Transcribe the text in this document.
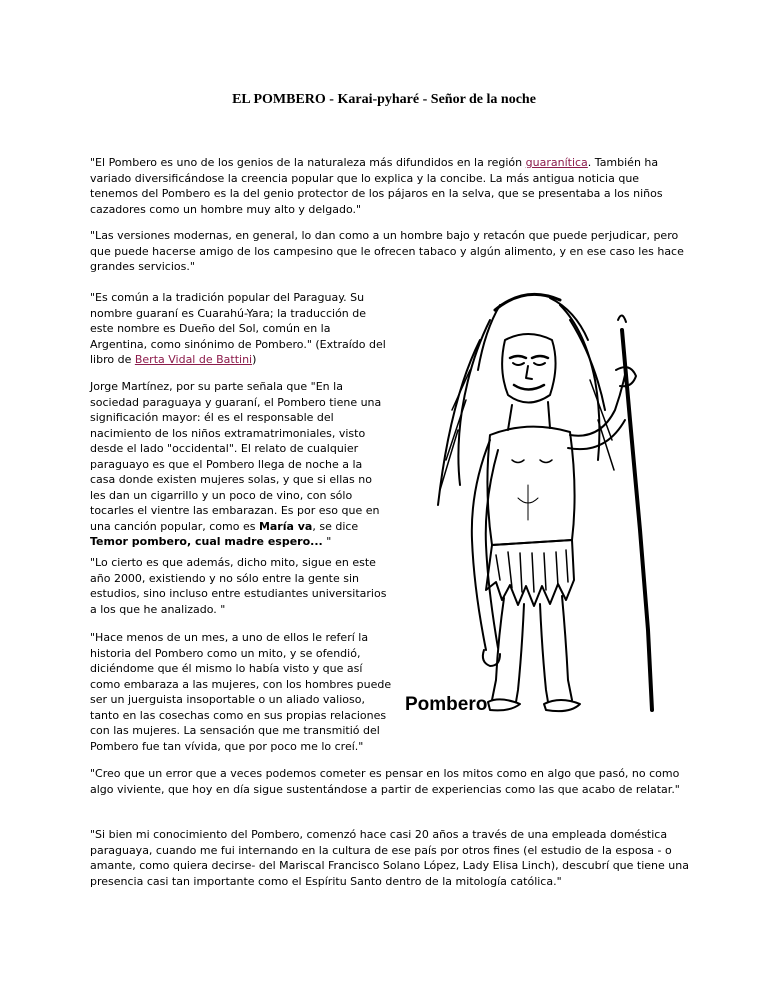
EL POMBERO - Karai-pyharé - Señor de la noche

"El Pombero es uno de los genios de la naturaleza más difundidos en la región guaranítica. También ha variado diversificándose la creencia popular que lo explica y la concibe. La más antigua noticia que tenemos del Pombero es la del genio protector de los pájaros en la selva, que se presentaba a los niños cazadores como un hombre muy alto y delgado."

"Las versiones modernas, en general, lo dan como a un hombre bajo y retacón que puede perjudicar, pero que puede hacerse amigo de los campesino que le ofrecen tabaco y algún alimento, y en ese caso les hace grandes servicios."

"Es común a la tradición popular del Paraguay. Su nombre guaraní es Cuarahú-Yara; la traducción de este nombre es Dueño del Sol, común en la Argentina, como sinónimo de Pombero." (Extraído del libro de Berta Vidal de Battini)

Jorge Martínez, por su parte señala que "En la sociedad paraguaya y guaraní, el Pombero tiene una significación mayor: él es el responsable del nacimiento de los niños extramatrimoniales, visto desde el lado "occidental". El relato de cualquier paraguayo es que el Pombero llega de noche a la casa donde existen mujeres solas, y que si ellas no les dan un cigarrillo y un poco de vino, con sólo tocarles el vientre las embarazan. Es por eso que en una canción popular, como es María va, se dice Temor pombero, cual madre espero... "

"Lo cierto es que además, dicho mito, sigue en este año 2000, existiendo y no sólo entre la gente sin estudios, sino incluso entre estudiantes universitarios a los que he analizado. "

"Hace menos de un mes, a uno de ellos le referí la historia del Pombero como un mito, y se ofendió, diciéndome que él mismo lo había visto y que así como embaraza a las mujeres, con los hombres puede ser un juerguista insoportable o un aliado valioso, tanto en las cosechas como en sus propias relaciones con las mujeres. La sensación que me transmitió del Pombero fue tan vívida, que por poco me lo creí."

"Creo que un error que a veces podemos cometer es pensar en los mitos como en algo que pasó, no como algo viviente, que hoy en día sigue sustentándose a partir de experiencias como las que acabo de relatar."

"Si bien mi conocimiento del Pombero, comenzó hace casi 20 años a través de una empleada doméstica paraguaya, cuando me fui internando en la cultura de ese país por otros fines (el estudio de la esposa - o amante, como quiera decirse- del Mariscal Francisco Solano López, Lady Elisa Linch), descubrí que tiene una presencia casi tan importante como el Espíritu Santo dentro de la mitología católica."

Pombero
